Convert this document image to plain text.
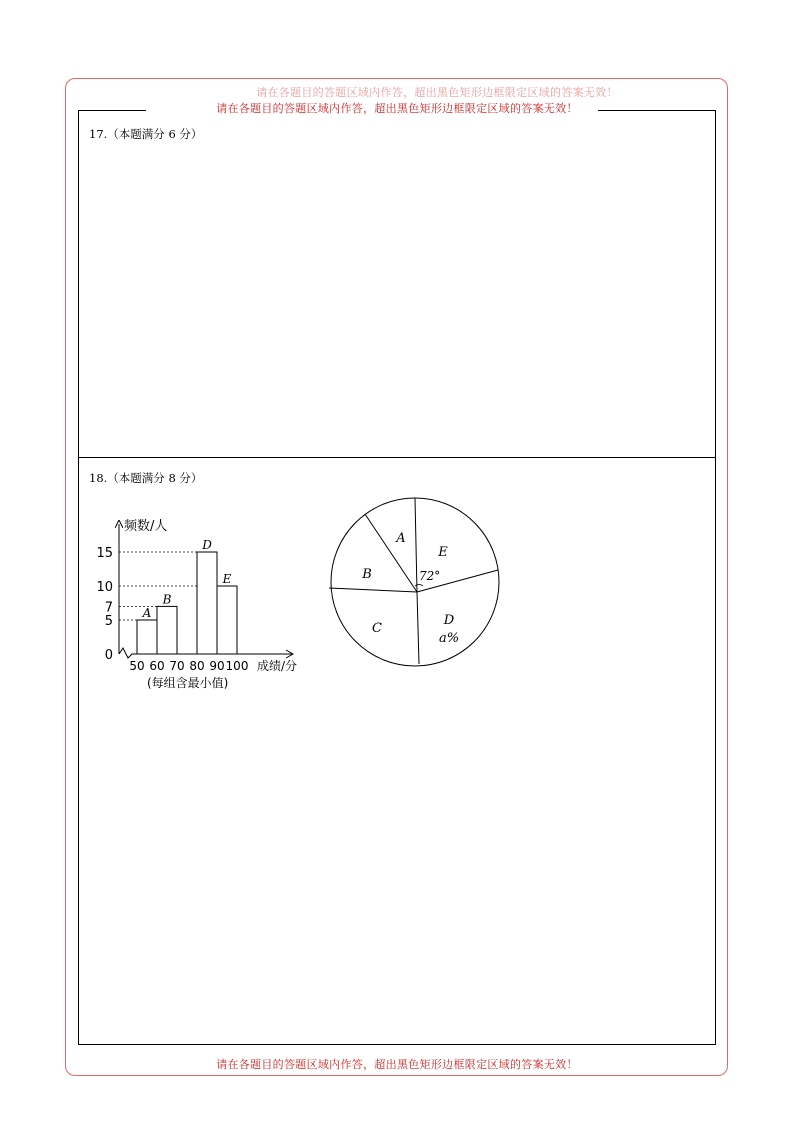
请在各题目的答题区域内作答，超出黑色矩形边框限定区域的答案无效！
请在各题目的答题区域内作答，超出黑色矩形边框限定区域的答案无效！
17.（本题满分 6 分）
18.（本题满分 8 分）
频数/人
成绩/分
(每组含最小值)
0
5
7
10
15
50 60 70 80 90 100
A
B
D
E	72°
A
B
C
D
E
a%
请在各题目的答题区域内作答，超出黑色矩形边框限定区域的答案无效！
